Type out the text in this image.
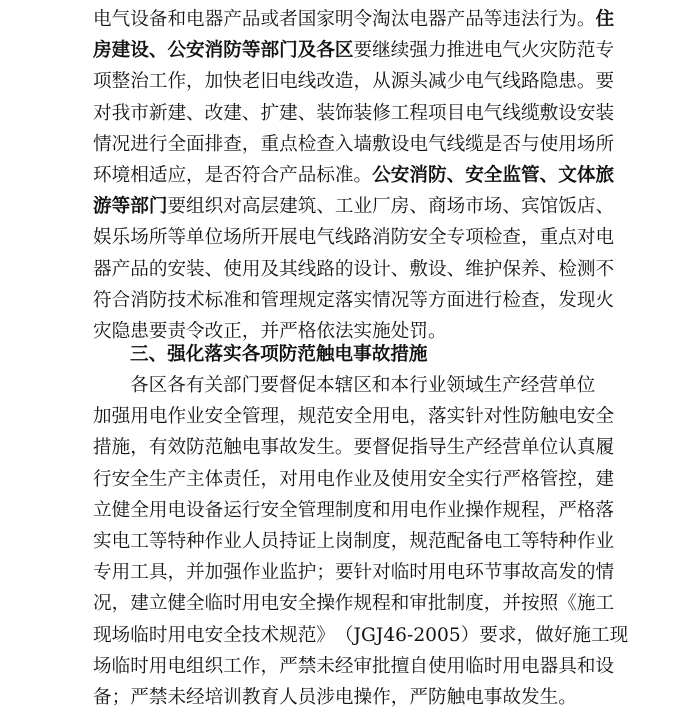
电 气 设 备 和 电 器 产 品 或 者 国 家 明 令 淘 汰 电 器 产 品 等 违 法 行 为 。 住
房 建 设 、 公 安 消 防 等 部 门 及 各 区 要 继 续 强 力 推 进 电 气 火 灾 防 范 专
项 整 治 工 作 ， 加 快 老 旧 电 线 改 造 ， 从 源 头 减 少 电 气 线 路 隐 患 。 要
对 我 市 新 建 、 改 建 、 扩 建 、 装 饰 装 修 工 程 项 目 电 气 线 缆 敷 设 安 装
情 况 进 行 全 面 排 查 ， 重 点 检 查 入 墙 敷 设 电 气 线 缆 是 否 与 使 用 场 所
环 境 相 适 应 ， 是 否 符 合 产 品 标 准 。 公 安 消 防 、 安 全 监 管 、 文 体 旅
游 等 部 门 要 组 织 对 高 层 建 筑 、 工 业 厂 房 、 商 场 市 场 、 宾 馆 饭 店 、
娱 乐 场 所 等 单 位 场 所 开 展 电 气 线 路 消 防 安 全 专 项 检 查 ， 重 点 对 电
器 产 品 的 安 装 、 使 用 及 其 线 路 的 设 计 、 敷 设 、 维 护 保 养 、 检 测 不
符 合 消 防 技 术 标 准 和 管 理 规 定 落 实 情 况 等 方 面 进 行 检 查 ， 发 现 火
灾 隐 患 要 责 令 改 正 ， 并 严 格 依 法 实 施 处 罚 。
三、强化落实各项防范触电事故措施
各 区 各 有 关 部 门 要 督 促 本 辖 区 和 本 行 业 领 域 生 产 经 营 单 位
加 强 用 电 作 业 安 全 管 理 ， 规 范 安 全 用 电 ， 落 实 针 对 性 防 触 电 安 全
措 施 ， 有 效 防 范 触 电 事 故 发 生 。 要 督 促 指 导 生 产 经 营 单 位 认 真 履
行 安 全 生 产 主 体 责 任 ， 对 用 电 作 业 及 使 用 安 全 实 行 严 格 管 控 ， 建
立 健 全 用 电 设 备 运 行 安 全 管 理 制 度 和 用 电 作 业 操 作 规 程 ， 严 格 落
实 电 工 等 特 种 作 业 人 员 持 证 上 岗 制 度 ， 规 范 配 备 电 工 等 特 种 作 业
专 用 工 具 ， 并 加 强 作 业 监 护 ； 要 针 对 临 时 用 电 环 节 事 故 高 发 的 情
况 ， 建 立 健 全 临 时 用 电 安 全 操 作 规 程 和 审 批 制 度 ， 并 按 照 《 施 工
现 场 临 时 用 电 安 全 技 术 规 范 》 （ J G J 4 6 - 2 0 0 5 ） 要 求 ， 做 好 施 工 现
场 临 时 用 电 组 织 工 作 ， 严 禁 未 经 审 批 擅 自 使 用 临 时 用 电 器 具 和 设
备 ； 严 禁 未 经 培 训 教 育 人 员 涉 电 操 作 ， 严 防 触 电 事 故 发 生 。
